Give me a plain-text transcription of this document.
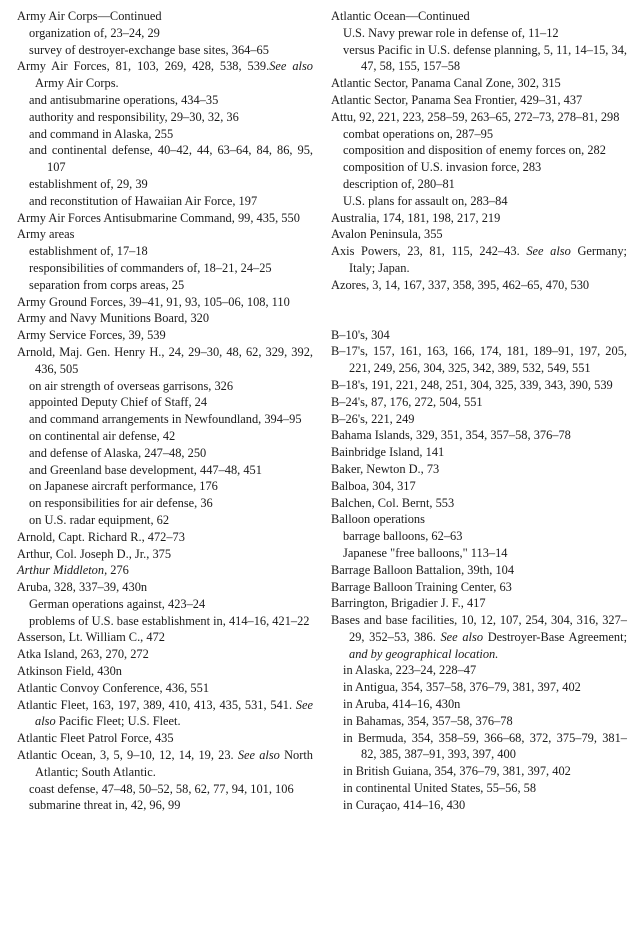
Army Air Corps—Continued
organization of, 23–24, 29
survey of destroyer-exchange base sites, 364–65
Army Air Forces, 81, 103, 269, 428, 538, 539.See also Army Air Corps.
and antisubmarine operations, 434–35
authority and responsibility, 29–30, 32, 36
and command in Alaska, 255
and continental defense, 40–42, 44, 63–64, 84, 86, 95, 107
establishment of, 29, 39
and reconstitution of Hawaiian Air Force, 197
Army Air Forces Antisubmarine Command, 99, 435, 550
Army areas
establishment of, 17–18
responsibilities of commanders of, 18–21, 24–25
separation from corps areas, 25
Army Ground Forces, 39–41, 91, 93, 105–06, 108, 110
Army and Navy Munitions Board, 320
Army Service Forces, 39, 539
Arnold, Maj. Gen. Henry H., 24, 29–30, 48, 62, 329, 392, 436, 505
on air strength of overseas garrisons, 326
appointed Deputy Chief of Staff, 24
and command arrangements in Newfoundland, 394–95
on continental air defense, 42
and defense of Alaska, 247–48, 250
and Greenland base development, 447–48, 451
on Japanese aircraft performance, 176
on responsibilities for air defense, 36
on U.S. radar equipment, 62
Arnold, Capt. Richard R., 472–73
Arthur, Col. Joseph D., Jr., 375
Arthur Middleton, 276
Aruba, 328, 337–39, 430n
German operations against, 423–24
problems of U.S. base establishment in, 414–16, 421–22
Asserson, Lt. William C., 472
Atka Island, 263, 270, 272
Atkinson Field, 430n
Atlantic Convoy Conference, 436, 551
Atlantic Fleet, 163, 197, 389, 410, 413, 435, 531, 541. See also Pacific Fleet; U.S. Fleet.
Atlantic Fleet Patrol Force, 435
Atlantic Ocean, 3, 5, 9–10, 12, 14, 19, 23. See also North Atlantic; South Atlantic.
coast defense, 47–48, 50–52, 58, 62, 77, 94, 101, 106
submarine threat in, 42, 96, 99
Atlantic Ocean—Continued
U.S. Navy prewar role in defense of, 11–12
versus Pacific in U.S. defense planning, 5, 11, 14–15, 34, 47, 58, 155, 157–58
Atlantic Sector, Panama Canal Zone, 302, 315
Atlantic Sector, Panama Sea Frontier, 429–31, 437
Attu, 92, 221, 223, 258–59, 263–65, 272–73, 278–81, 298
combat operations on, 287–95
composition and disposition of enemy forces on, 282
composition of U.S. invasion force, 283
description of, 280–81
U.S. plans for assault on, 283–84
Australia, 174, 181, 198, 217, 219
Avalon Peninsula, 355
Axis Powers, 23, 81, 115, 242–43. See also Germany; Italy; Japan.
Azores, 3, 14, 167, 337, 358, 395, 462–65, 470, 530
B–10's, 304
B–17's, 157, 161, 163, 166, 174, 181, 189–91, 197, 205, 221, 249, 256, 304, 325, 342, 389, 532, 549, 551
B–18's, 191, 221, 248, 251, 304, 325, 339, 343, 390, 539
B–24's, 87, 176, 272, 504, 551
B–26's, 221, 249
Bahama Islands, 329, 351, 354, 357–58, 376–78
Bainbridge Island, 141
Baker, Newton D., 73
Balboa, 304, 317
Balchen, Col. Bernt, 553
Balloon operations
barrage balloons, 62–63
Japanese "free balloons," 113–14
Barrage Balloon Battalion, 39th, 104
Barrage Balloon Training Center, 63
Barrington, Brigadier J. F., 417
Bases and base facilities, 10, 12, 107, 254, 304, 316, 327–29, 352–53, 386. See also Destroyer-Base Agreement; and by geographical location.
in Alaska, 223–24, 228–47
in Antigua, 354, 357–58, 376–79, 381, 397, 402
in Aruba, 414–16, 430n
in Bahamas, 354, 357–58, 376–78
in Bermuda, 354, 358–59, 366–68, 372, 375–79, 381–82, 385, 387–91, 393, 397, 400
in British Guiana, 354, 376–79, 381, 397, 402
in continental United States, 55–56, 58
in Curaçao, 414–16, 430
